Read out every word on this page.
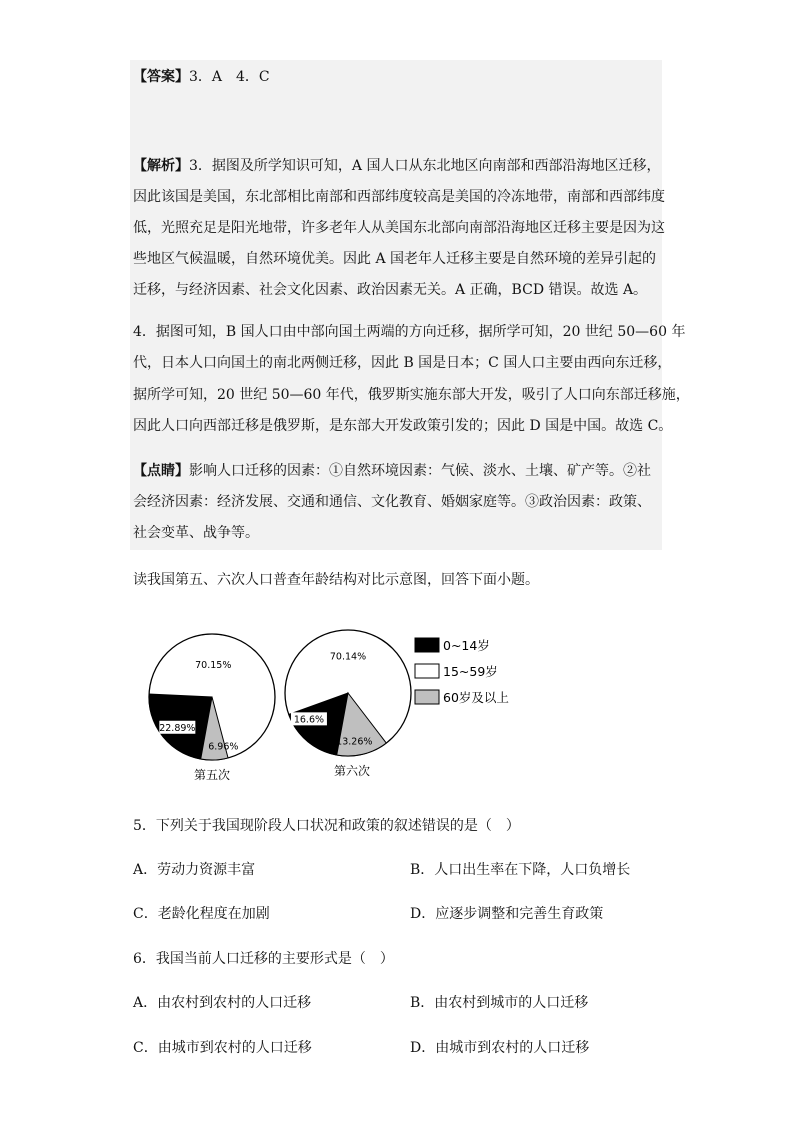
【答案】3．A　4．C
【解析】3．据图及所学知识可知，A 国人口从东北地区向南部和西部沿海地区迁移，
因此该国是美国，东北部相比南部和西部纬度较高是美国的冷冻地带，南部和西部纬度
低，光照充足是阳光地带，许多老年人从美国东北部向南部沿海地区迁移主要是因为这
些地区气候温暖，自然环境优美。因此 A 国老年人迁移主要是自然环境的差异引起的
迁移，与经济因素、社会文化因素、政治因素无关。A 正确，BCD 错误。故选 A。
4．据图可知，B 国人口由中部向国土两端的方向迁移，据所学可知，20 世纪 50—60 年
代，日本人口向国土的南北两侧迁移，因此 B 国是日本；C 国人口主要由西向东迁移，
据所学可知，20 世纪 50—60 年代，俄罗斯实施东部大开发，吸引了人口向东部迁移施，
因此人口向西部迁移是俄罗斯，是东部大开发政策引发的；因此 D 国是中国。故选 C。
【点睛】影响人口迁移的因素：①自然环境因素：气候、淡水、土壤、矿产等。②社
会经济因素：经济发展、交通和通信、文化教育、婚姻家庭等。③政治因素：政策、
社会变革、战争等。
读我国第五、六次人口普查年龄结构对比示意图，回答下面小题。
22.89%
70.15%
6.96%
第五次
16.6%
70.14%
13.26%
第六次
0~14岁
15~59岁
60岁及以上
5．下列关于我国现阶段人口状况和政策的叙述错误的是（　）
A．劳动力资源丰富	B．人口出生率在下降，人口负增长
C．老龄化程度在加剧	D．应逐步调整和完善生育政策
6．我国当前人口迁移的主要形式是（　）
A．由农村到农村的人口迁移	B．由农村到城市的人口迁移
C．由城市到农村的人口迁移	D．由城市到农村的人口迁移
